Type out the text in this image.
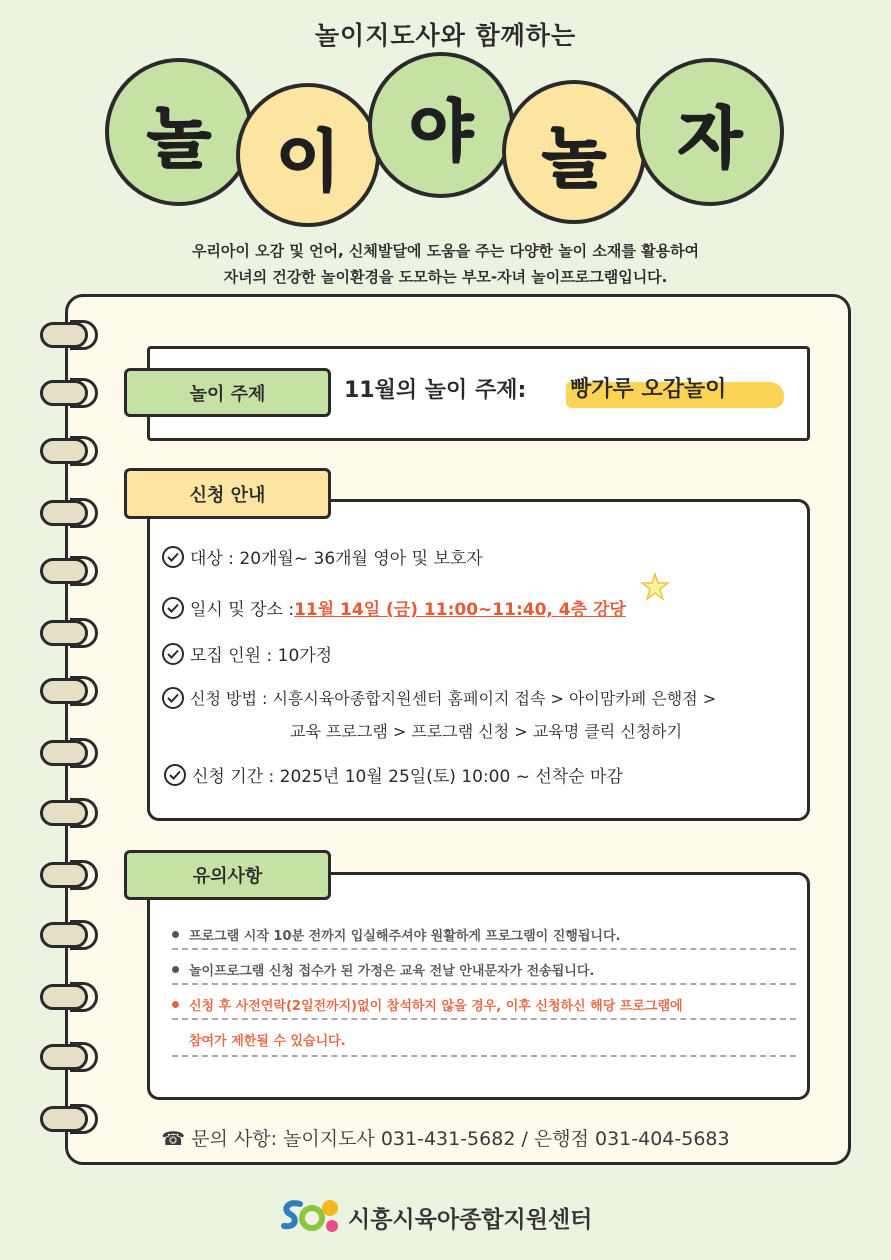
놀이지도사와 함께하는
놀 이 야 놀 자
우리아이 오감 및 언어, 신체발달에 도움을 주는 다양한 놀이 소재를 활용하여
자녀의 건강한 놀이환경을 도모하는 부모-자녀 놀이프로그램입니다.
놀이 주제	11월의 놀이 주제: 빵가루 오감놀이
신청 안내
대상 : 20개월~ 36개월 영아 및 보호자
일시 및 장소 : 11월 14일 (금) 11:00~11:40, 4층 강당
모집 인원 : 10가정
신청 방법 : 시흥시육아종합지원센터 홈페이지 접속 > 아이맘카페 은행점 >
교육 프로그램 > 프로그램 신청 > 교육명 클릭 신청하기
신청 기간 : 2025년 10월 25일(토) 10:00 ~ 선착순 마감
유의사항
프로그램 시작 10분 전까지 입실해주셔야 원활하게 프로그램이 진행됩니다.
놀이프로그램 신청 접수가 된 가정은 교육 전날 안내문자가 전송됩니다.
신청 후 사전연락(2일전까지)없이 참석하지 않을 경우, 이후 신청하신 해당 프로그램에
참여가 제한될 수 있습니다.
☎ 문의 사항: 놀이지도사 031-431-5682 / 은행점 031-404-5683
시흥시육아종합지원센터
